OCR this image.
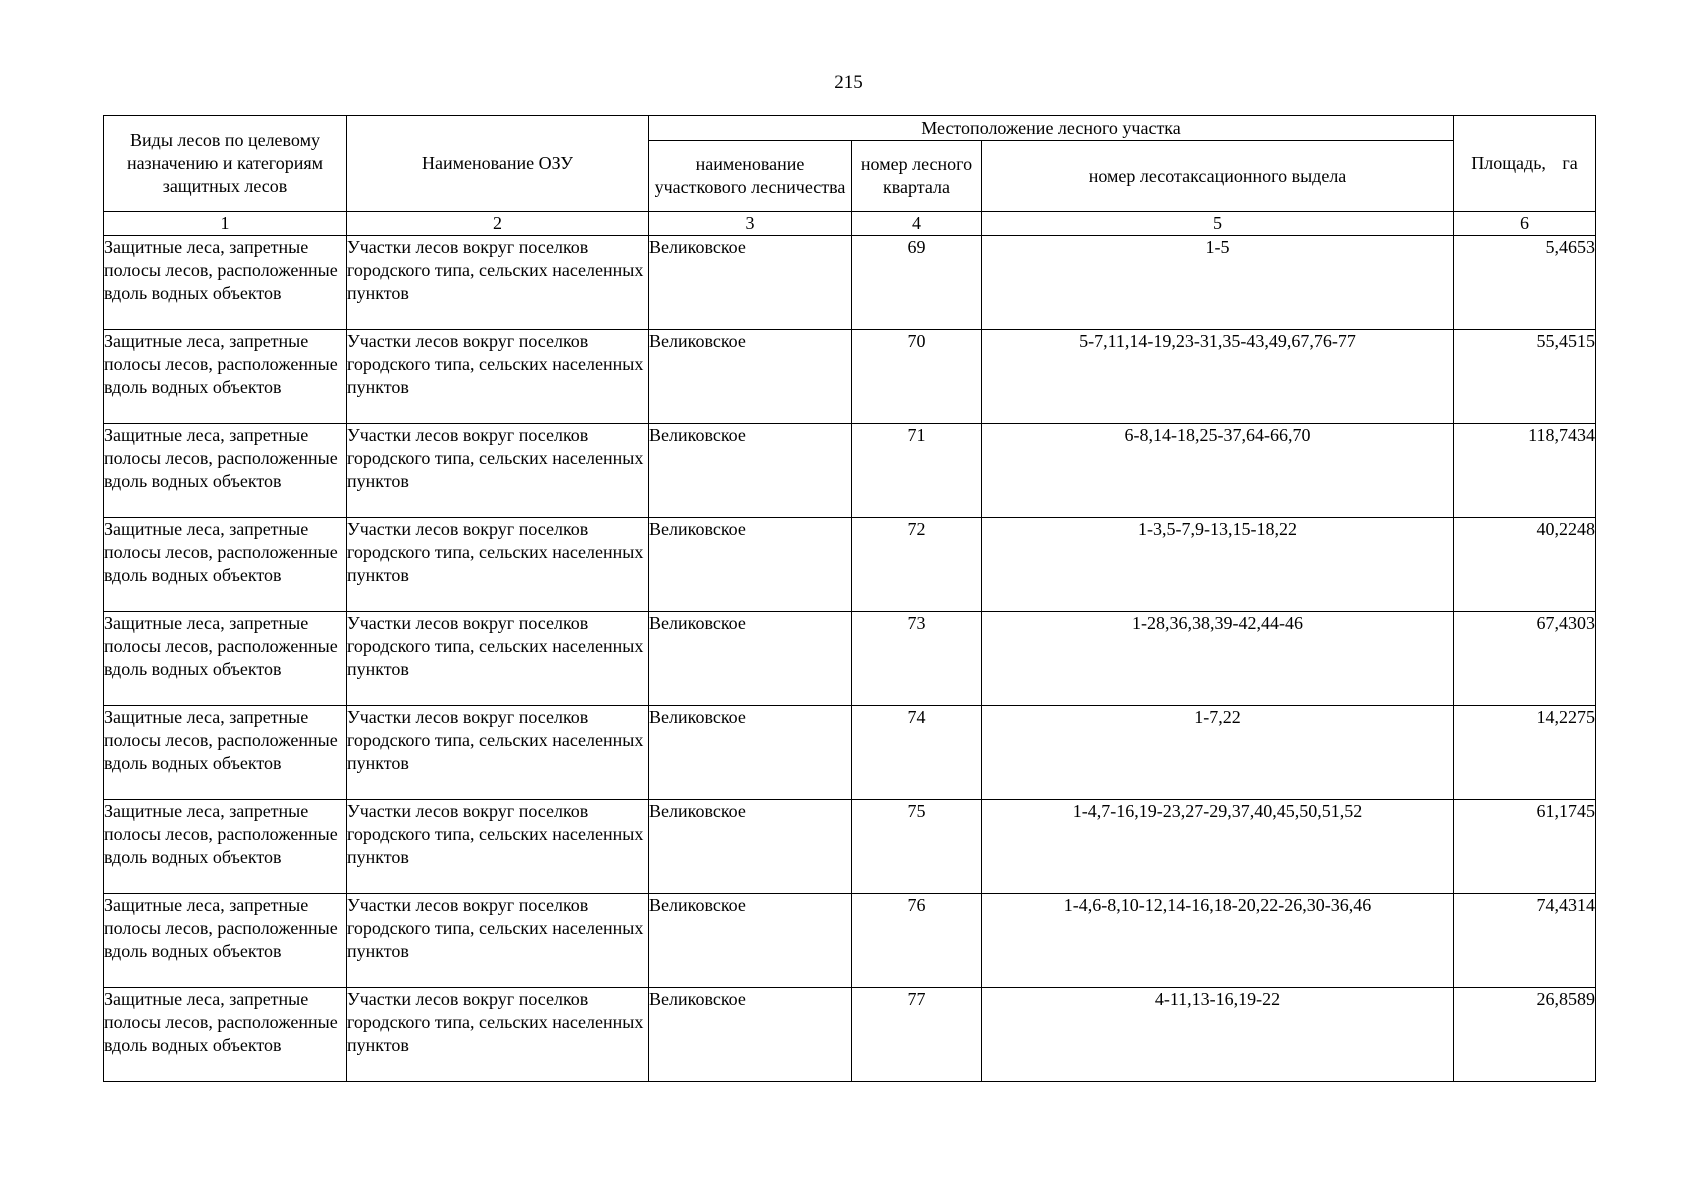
215
Виды лесов по целевому назначению и категориям защитных лесов	Наименование ОЗУ	Местоположение лесного участка			Площадь, га
		наименование участкового лесничества	номер лесного квартала	номер лесотаксационного выдела	
1	2	3	4	5	6
Защитные леса, запретные полосы лесов, расположенные вдоль водных объектов	Участки лесов вокруг поселков городского типа, сельских населенных пунктов	Великовское	69	1-5	5,4653
Защитные леса, запретные полосы лесов, расположенные вдоль водных объектов	Участки лесов вокруг поселков городского типа, сельских населенных пунктов	Великовское	70	5-7,11,14-19,23-31,35-43,49,67,76-77	55,4515
Защитные леса, запретные полосы лесов, расположенные вдоль водных объектов	Участки лесов вокруг поселков городского типа, сельских населенных пунктов	Великовское	71	6-8,14-18,25-37,64-66,70	118,7434
Защитные леса, запретные полосы лесов, расположенные вдоль водных объектов	Участки лесов вокруг поселков городского типа, сельских населенных пунктов	Великовское	72	1-3,5-7,9-13,15-18,22	40,2248
Защитные леса, запретные полосы лесов, расположенные вдоль водных объектов	Участки лесов вокруг поселков городского типа, сельских населенных пунктов	Великовское	73	1-28,36,38,39-42,44-46	67,4303
Защитные леса, запретные полосы лесов, расположенные вдоль водных объектов	Участки лесов вокруг поселков городского типа, сельских населенных пунктов	Великовское	74	1-7,22	14,2275
Защитные леса, запретные полосы лесов, расположенные вдоль водных объектов	Участки лесов вокруг поселков городского типа, сельских населенных пунктов	Великовское	75	1-4,7-16,19-23,27-29,37,40,45,50,51,52	61,1745
Защитные леса, запретные полосы лесов, расположенные вдоль водных объектов	Участки лесов вокруг поселков городского типа, сельских населенных пунктов	Великовское	76	1-4,6-8,10-12,14-16,18-20,22-26,30-36,46	74,4314
Защитные леса, запретные полосы лесов, расположенные вдоль водных объектов	Участки лесов вокруг поселков городского типа, сельских населенных пунктов	Великовское	77	4-11,13-16,19-22	26,8589
